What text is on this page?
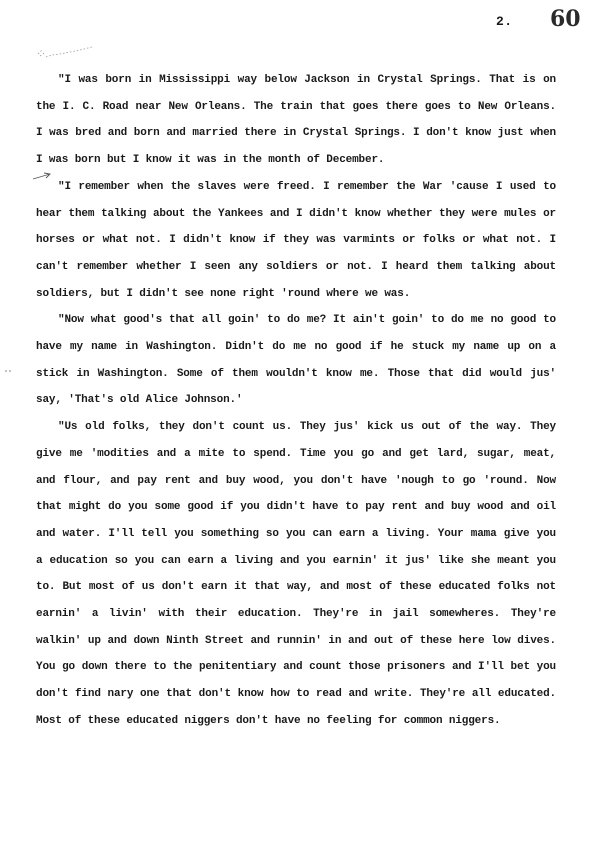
2. 60

"I was born in Mississippi way below Jackson in Crystal Springs. That is on the I. C. Road near New Orleans. The train that goes there goes to New Orleans. I was bred and born and married there in Crystal Springs. I don't know just when I was born but I know it was in the month of December.

"I remember when the slaves were freed. I remember the War 'cause I used to hear them talking about the Yankees and I didn't know whether they were mules or horses or what not. I didn't know if they was varmints or folks or what not. I can't remember whether I seen any soldiers or not. I heard them talking about soldiers, but I didn't see none right 'round where we was.

"Now what good's that all goin' to do me? It ain't goin' to do me no good to have my name in Washington. Didn't do me no good if he stuck my name up on a stick in Washington. Some of them wouldn't know me. Those that did would jus' say, 'That's old Alice Johnson.'

"Us old folks, they don't count us. They jus' kick us out of the way. They give me 'modities and a mite to spend. Time you go and get lard, sugar, meat, and flour, and pay rent and buy wood, you don't have 'nough to go 'round. Now that might do you some good if you didn't have to pay rent and buy wood and oil and water. I'll tell you something so you can earn a living. Your mama give you a education so you can earn a living and you earnin' it jus' like she meant you to. But most of us don't earn it that way, and most of these educated folks not earnin' a livin' with their education. They're in jail somewheres. They're walkin' up and down Ninth Street and runnin' in and out of these here low dives. You go down there to the penitentiary and count those prisoners and I'll bet you don't find nary one that don't know how to read and write. They're all educated. Most of these educated niggers don't have no feeling for common niggers.
